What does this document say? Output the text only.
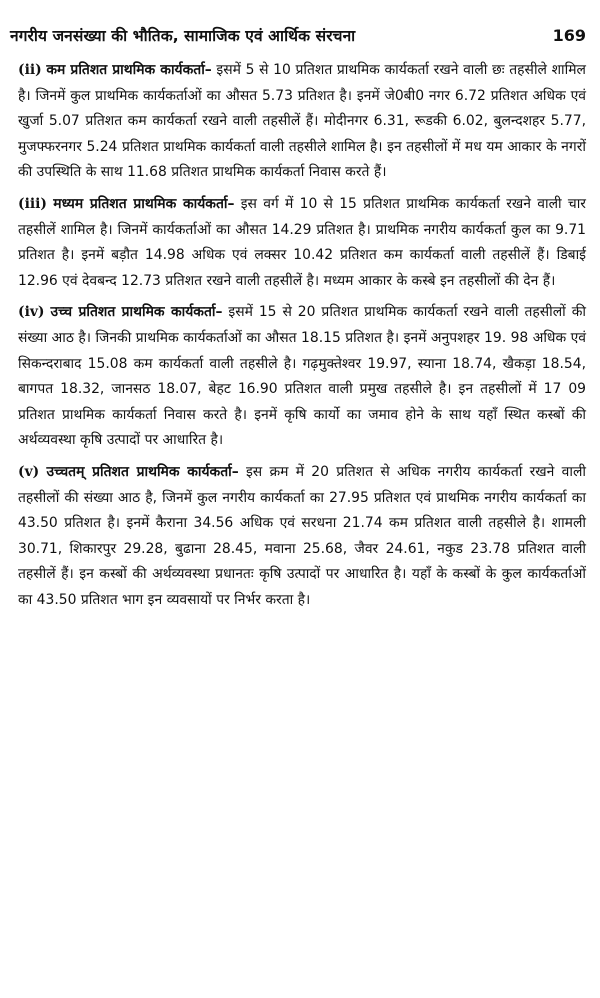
नगरीय जनसंख्या की भौतिक, सामाजिक एवं आर्थिक संरचना	169

(ii) कम प्रतिशत प्राथमिक कार्यकर्ता– इसमें 5 से 10 प्रतिशत प्राथमिक कार्यकर्ता रखने वाली छः तहसीले शामिल है। जिनमें कुल प्राथमिक कार्यकर्ताओं का औसत 5.73 प्रतिशत है। इनमें जे0बी0 नगर 6.72 प्रतिशत अधिक एवं खुर्जा 5.07 प्रतिशत कम कार्यकर्ता रखने वाली तहसीलें हैं। मोदीनगर 6.31, रूडकी 6.02, बुलन्दशहर 5.77, मुजफ्फरनगर 5.24 प्रतिशत प्राथमिक कार्यकर्ता वाली तहसीले शामिल है। इन तहसीलों में मध यम आकार के नगरों की उपस्थिति के साथ 11.68 प्रतिशत प्राथमिक कार्यकर्ता निवास करते हैं।

(iii) मध्यम प्रतिशत प्राथमिक कार्यकर्ता– इस वर्ग में 10 से 15 प्रतिशत प्राथमिक कार्यकर्ता रखने वाली चार तहसीलें शामिल है। जिनमें कार्यकर्ताओं का औसत 14.29 प्रतिशत है। प्राथमिक नगरीय कार्यकर्ता कुल का 9.71 प्रतिशत है। इनमें बड़ौत 14.98 अधिक एवं लक्सर 10.42 प्रतिशत कम कार्यकर्ता वाली तहसीलें हैं। डिबाई 12.96 एवं देवबन्द 12.73 प्रतिशत रखने वाली तहसीलें है। मध्यम आकार के कस्बे इन तहसीलों की देन हैं।

(iv) उच्च प्रतिशत प्राथमिक कार्यकर्ता– इसमें 15 से 20 प्रतिशत प्राथमिक कार्यकर्ता रखने वाली तहसीलों की संख्या आठ है। जिनकी प्राथमिक कार्यकर्ताओं का औसत 18.15 प्रतिशत है। इनमें अनुपशहर 19. 98 अधिक एवं सिकन्दराबाद 15.08 कम कार्यकर्ता वाली तहसीले है। गढ़मुक्तेश्वर 19.97, स्याना 18.74, खैकड़ा 18.54, बागपत 18.32, जानसठ 18.07, बेहट 16.90 प्रतिशत वाली प्रमुख तहसीले है। इन तहसीलों में 17 09 प्रतिशत प्राथमिक कार्यकर्ता निवास करते है। इनमें कृषि कार्यो का जमाव होने के साथ यहाँ स्थित कस्बों की अर्थव्यवस्था कृषि उत्पादों पर आधारित है।

(v) उच्चतम् प्रतिशत प्राथमिक कार्यकर्ता– इस क्रम में 20 प्रतिशत से अधिक नगरीय कार्यकर्ता रखने वाली तहसीलों की संख्या आठ है, जिनमें कुल नगरीय कार्यकर्ता का 27.95 प्रतिशत एवं प्राथमिक नगरीय कार्यकर्ता का 43.50 प्रतिशत है। इनमें कैराना 34.56 अधिक एवं सरधना 21.74 कम प्रतिशत वाली तहसीले है। शामली 30.71, शिकारपुर 29.28, बुढाना 28.45, मवाना 25.68, जैवर 24.61, नकुड 23.78 प्रतिशत वाली तहसीलें हैं। इन कस्बों की अर्थव्यवस्था प्रधानतः कृषि उत्पादों पर आधारित है। यहाँ के कस्बों के कुल कार्यकर्ताओं का 43.50 प्रतिशत भाग इन व्यवसायों पर निर्भर करता है।
